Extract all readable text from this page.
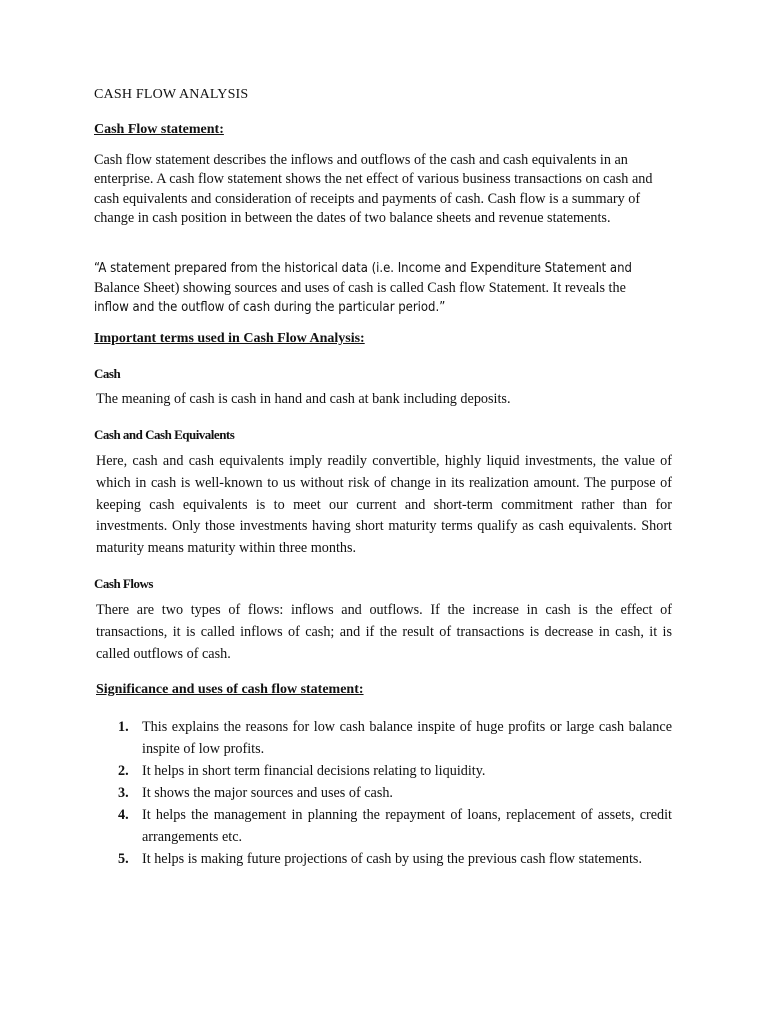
CASH FLOW ANALYSIS
Cash Flow statement:

Cash flow statement describes the inflows and outflows of the cash and cash equivalents in an enterprise. A cash flow statement shows the net effect of various business transactions on cash and cash equivalents and consideration of receipts and payments of cash. Cash flow is a summary of change in cash position in between the dates of two balance sheets and revenue statements.

“A statement prepared from the historical data (i.e. Income and Expenditure Statement and
Balance Sheet) showing sources and uses of cash is called Cash flow Statement. It reveals the
inflow and the outflow of cash during the particular period.”
Important terms used in Cash Flow Analysis:
Cash

The meaning of cash is cash in hand and cash at bank including deposits.

Cash and Cash Equivalents

Here, cash and cash equivalents imply readily convertible, highly liquid investments, the value of which in cash is well-known to us without risk of change in its realization amount. The purpose of keeping cash equivalents is to meet our current and short-term commitment rather than for investments. Only those investments having short maturity terms qualify as cash equivalents. Short maturity means maturity within three months.

Cash Flows

There are two types of flows: inflows and outflows. If the increase in cash is the effect of transactions, it is called inflows of cash; and if the result of transactions is decrease in cash, it is called outflows of cash.

Significance and uses of cash flow statement:
1. This explains the reasons for low cash balance inspite of huge profits or large cash balance inspite of low profits.
2. It helps in short term financial decisions relating to liquidity.
3. It shows the major sources and uses of cash.
4. It helps the management in planning the repayment of loans, replacement of assets, credit arrangements etc.
5. It helps is making future projections of cash by using the previous cash flow statements.
